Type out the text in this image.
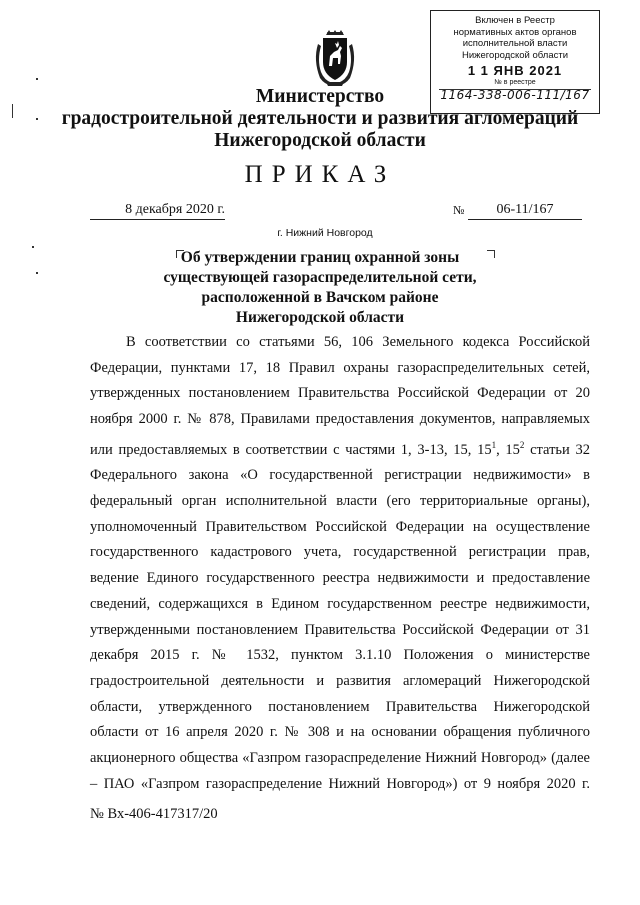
Включен в Реестр
нормативных актов органов
исполнительной власти
Нижегородской области
1 1 ЯНВ 2021
№ в реестре
1164-338-006-111/167
Министерство
градостроительной деятельности и развития агломераций
Нижегородской области
ПРИКАЗ
8 декабря 2020 г.	№	06-11/167
г. Нижний Новгород
Об утверждении границ охранной зоны
существующей газораспределительной сети,
расположенной в Вачском районе
Нижегородской области
В соответствии со статьями 56, 106 Земельного кодекса Российской Федерации, пунктами 17, 18 Правил охраны газораспределительных сетей, утвержденных постановлением Правительства Российской Федерации от 20 ноября 2000 г. № 878, Правилами предоставления документов, направляемых или предоставляемых в соответствии с частями 1, 3-13, 15, $15^1$, $15^2$ статьи 32 Федерального закона «О государственной регистрации недвижимости» в федеральный орган исполнительной власти (его территориальные органы), уполномоченный Правительством Российской Федерации на осуществление государственного кадастрового учета, государственной регистрации прав, ведение Единого государственного реестра недвижимости и предоставление сведений, содержащихся в Едином государственном реестре недвижимости, утвержденными постановлением Правительства Российской Федерации от 31 декабря 2015 г. № 1532, пунктом 3.1.10 Положения о министерстве градостроительной деятельности и развития агломераций Нижегородской области, утвержденного постановлением Правительства Нижегородской области от 16 апреля 2020 г. № 308 и на основании обращения публичного акционерного общества «Газпром газораспределение Нижний Новгород» (далее – ПАО «Газпром газораспределение Нижний Новгород») от 9 ноября 2020 г.
№ Вх-406-417317/20
